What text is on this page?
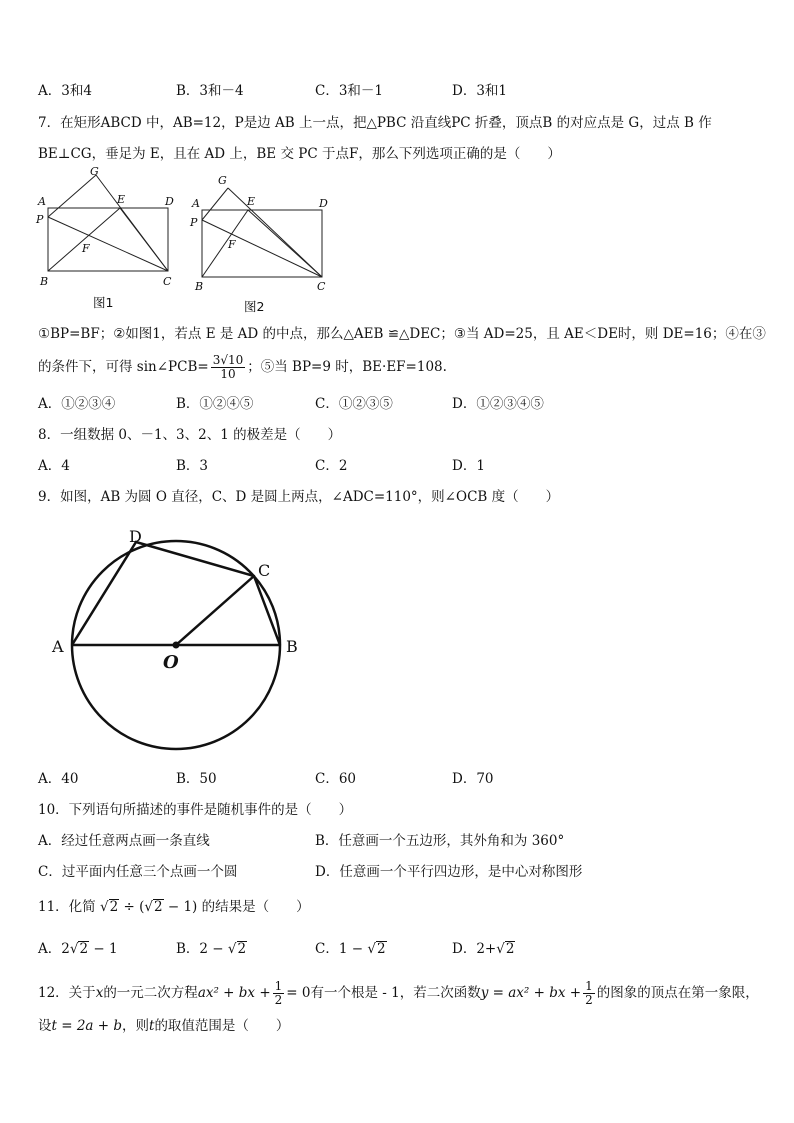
A．3和4	B．3和－4	C．3和－1	D．3和1
7．在矩形ABCD 中，AB=12，P是边 AB 上一点，把△PBC 沿直线PC 折叠，顶点B 的对应点是 G，过点 B 作
BE⊥CG，垂足为 E，且在 AD 上，BE 交 PC 于点F，那么下列选项正确的是（　　）
A
P
G
E	D
F
B	C
图1
A
P
G
E	D
F
B	C
图2
①BP=BF；②如图1，若点 E 是 AD 的中点，那么△AEB ≌△DEC；③当 AD=25，且 AE＜DE时，则 DE=16；④在③
的条件下，可得 sin∠PCB= $\frac{3√10}{10}$ ；⑤当 BP=9 时，BE·EF=108.
A．①②③④	B．①②④⑤	C．①②③⑤	D．①②③④⑤
8．一组数据 0、－1、3、2、1 的极差是（　　）
A．4	B．3	C．2	D．1
9．如图，AB 为圆 O 直径，C、D 是圆上两点，∠ADC=110°，则∠OCB 度（　　）
A	B
C
D
O
A．40	B．50	C．60	D．70
10．下列语句所描述的事件是随机事件的是（　　）
A．经过任意两点画一条直线	B．任意画一个五边形，其外角和为 360°
C．过平面内任意三个点画一个圆	D．任意画一个平行四边形，是中心对称图形
11．化简 √2 ÷ (√2 − 1) 的结果是（　　）
A．2√2 − 1	B．2 − √2	C．1 − √2	D．2+√2
12．关于x的一元二次方程ax² + bx + $\frac{1}{2} = 0$有一个根是 - 1，若二次函数y = ax² + bx + $\frac{1}{2}$ 的图象的顶点在第一象限，
设t = 2a + b，则t的取值范围是（　　）
